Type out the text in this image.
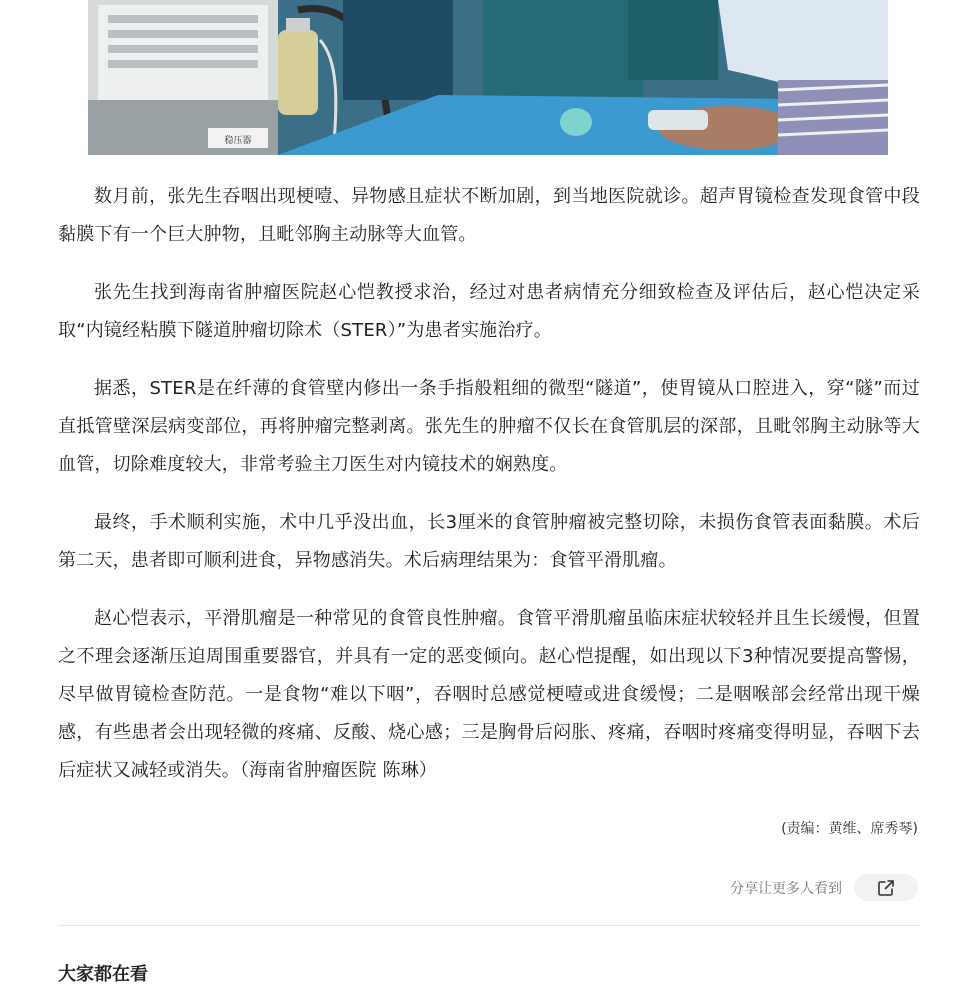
稳压器

数月前，张先生吞咽出现梗噎、异物感且症状不断加剧，到当地医院就诊。超声胃镜检查发现食管中段黏膜下有一个巨大肿物，且毗邻胸主动脉等大血管。

张先生找到海南省肿瘤医院赵心恺教授求治，经过对患者病情充分细致检查及评估后，赵心恺决定采取“内镜经粘膜下隧道肿瘤切除术（STER）”为患者实施治疗。

据悉，STER是在纤薄的食管壁内修出一条手指般粗细的微型“隧道”，使胃镜从口腔进入，穿“隧”而过直抵管壁深层病变部位，再将肿瘤完整剥离。张先生的肿瘤不仅长在食管肌层的深部，且毗邻胸主动脉等大血管，切除难度较大，非常考验主刀医生对内镜技术的娴熟度。

最终，手术顺利实施，术中几乎没出血，长3厘米的食管肿瘤被完整切除，未损伤食管表面黏膜。术后第二天，患者即可顺利进食，异物感消失。术后病理结果为：食管平滑肌瘤。

赵心恺表示，平滑肌瘤是一种常见的食管良性肿瘤。食管平滑肌瘤虽临床症状较轻并且生长缓慢，但置之不理会逐渐压迫周围重要器官，并具有一定的恶变倾向。赵心恺提醒，如出现以下3种情况要提高警惕，尽早做胃镜检查防范。一是食物“难以下咽”，吞咽时总感觉梗噎或进食缓慢；二是咽喉部会经常出现干燥感，有些患者会出现轻微的疼痛、反酸、烧心感；三是胸骨后闷胀、疼痛，吞咽时疼痛变得明显，吞咽下去后症状又减轻或消失。（海南省肿瘤医院 陈琳）

(责编：黄维、席秀琴)
分享让更多人看到
大家都在看
